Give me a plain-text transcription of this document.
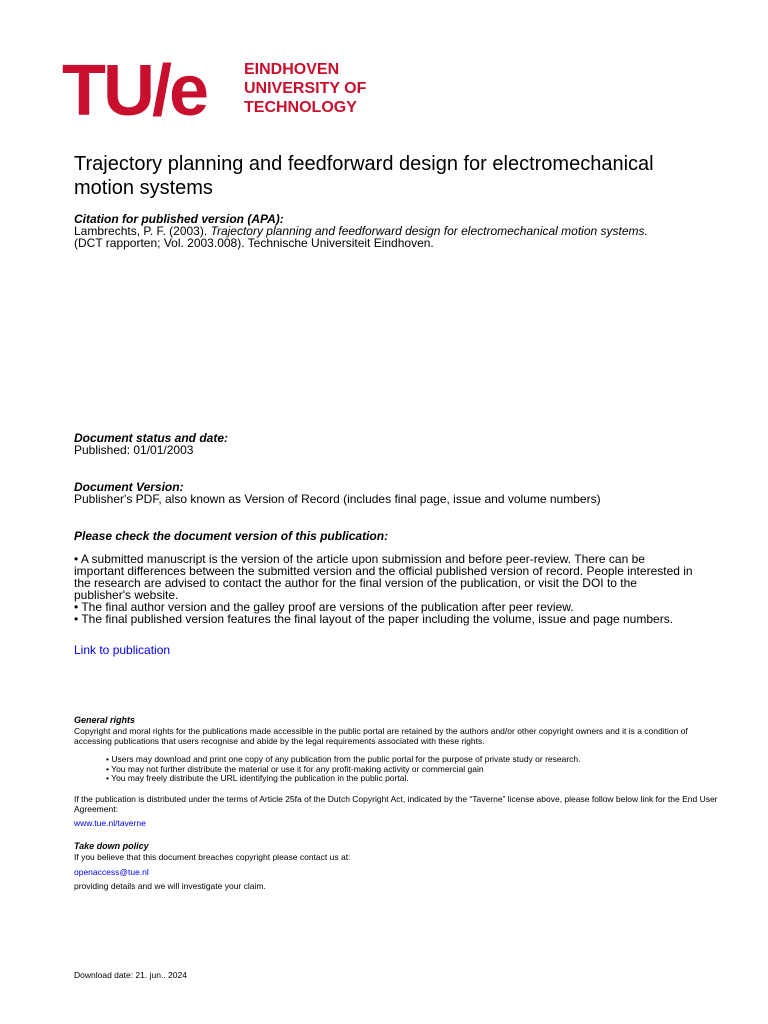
TU/e EINDHOVEN
UNIVERSITY OF
TECHNOLOGY
Trajectory planning and feedforward design for electromechanical motion systems
Citation for published version (APA):
Lambrechts, P. F. (2003). Trajectory planning and feedforward design for electromechanical motion systems.
(DCT rapporten; Vol. 2003.008). Technische Universiteit Eindhoven.
Document status and date:
Published: 01/01/2003
Document Version:
Publisher's PDF, also known as Version of Record (includes final page, issue and volume numbers)
Please check the document version of this publication:
• A submitted manuscript is the version of the article upon submission and before peer-review. There can be important differences between the submitted version and the official published version of record. People interested in the research are advised to contact the author for the final version of the publication, or visit the DOI to the publisher's website.
• The final author version and the galley proof are versions of the publication after peer review.
• The final published version features the final layout of the paper including the volume, issue and page numbers.
Link to publication
General rights
Copyright and moral rights for the publications made accessible in the public portal are retained by the authors and/or other copyright owners and it is a condition of accessing publications that users recognise and abide by the legal requirements associated with these rights.
• Users may download and print one copy of any publication from the public portal for the purpose of private study or research.
• You may not further distribute the material or use it for any profit-making activity or commercial gain
• You may freely distribute the URL identifying the publication in the public portal.
If the publication is distributed under the terms of Article 25fa of the Dutch Copyright Act, indicated by the “Taverne” license above, please follow below link for the End User Agreement:
www.tue.nl/taverne
Take down policy
If you believe that this document breaches copyright please contact us at:
openaccess@tue.nl
providing details and we will investigate your claim.
Download date: 21. jun.. 2024
